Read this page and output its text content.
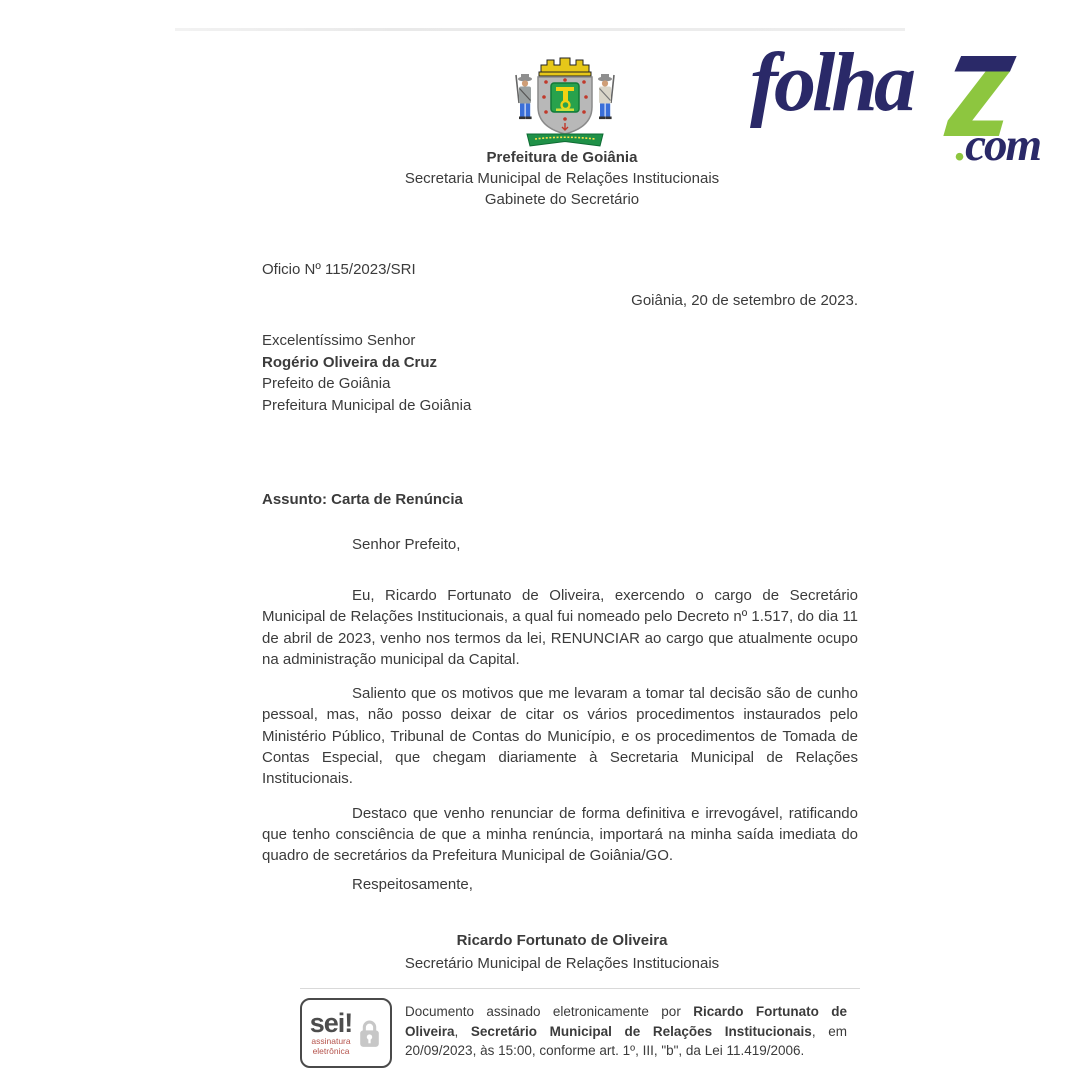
Prefeitura de Goiânia
Secretaria Municipal de Relações Institucionais
Gabinete do Secretário
folha
.com
Oficio Nº 115/2023/SRI
Goiânia, 20 de setembro de 2023.
Excelentíssimo Senhor
Rogério Oliveira da Cruz
Prefeito de Goiânia
Prefeitura Municipal de Goiânia
Assunto: Carta de Renúncia
Senhor Prefeito,

Eu, Ricardo Fortunato de Oliveira, exercendo o cargo de Secretário Municipal de Relações Institucionais, a qual fui nomeado pelo Decreto nº 1.517, do dia 11 de abril de 2023, venho nos termos da lei, RENUNCIAR ao cargo que atualmente ocupo na administração municipal da Capital.

Saliento que os motivos que me levaram a tomar tal decisão são de cunho pessoal, mas, não posso deixar de citar os vários procedimentos instaurados pelo Ministério Público, Tribunal de Contas do Município, e os procedimentos de Tomada de Contas Especial, que chegam diariamente à Secretaria Municipal de Relações Institucionais.

Destaco que venho renunciar de forma definitiva e irrevogável, ratificando que tenho consciência de que a minha renúncia, importará na minha saída imediata do quadro de secretários da Prefeitura Municipal de Goiânia/GO.

Respeitosamente,
Ricardo Fortunato de Oliveira
Secretário Municipal de Relações Institucionais
sei!
assinatura
eletrônica
Documento assinado eletronicamente por Ricardo Fortunato de Oliveira, Secretário Municipal de Relações Institucionais, em 20/09/2023, às 15:00, conforme art. 1º, III, "b", da Lei 11.419/2006.
